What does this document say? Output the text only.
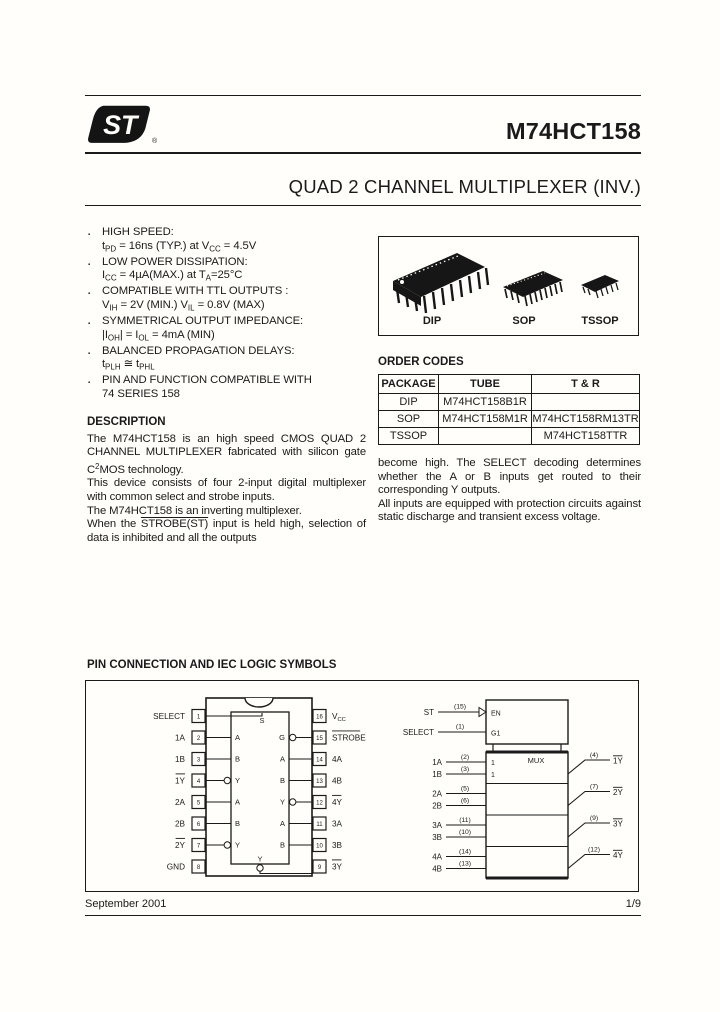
ST
®	M74HCT158
QUAD 2 CHANNEL MULTIPLEXER (INV.)
▪ HIGH SPEED:
$t_{PD} = 16ns$ (TYP.) at $V_{CC} = 4.5V$
▪ LOW POWER DISSIPATION:
$I_{CC} = 4\mu A(MAX.)$ at $T_A=25^\circ C$
▪ COMPATIBLE WITH TTL OUTPUTS :
$V_{IH} = 2V$ (MIN.) $V_{IL} = 0.8V$ (MAX)
▪ SYMMETRICAL OUTPUT IMPEDANCE:
$|I_{OH}| = I_{OL} = 4mA$ (MIN)
▪ BALANCED PROPAGATION DELAYS:
$t_{PLH}$ ≅ $t_{PHL}$
▪ PIN AND FUNCTION COMPATIBLE WITH
74 SERIES 158
DIP	SOP	TSSOP
ORDER CODES
PACKAGE	TUBE	T & R
DIP	M74HCT158B1R	
SOP	M74HCT158M1R	M74HCT158RM13TR
TSSOP		M74HCT158TTR
DESCRIPTION
The M74HCT158 is an high speed CMOS QUAD 2 CHANNEL MULTIPLEXER fabricated with silicon gate $C^2MOS$ technology.
This device consists of four 2-input digital multiplexer with common select and strobe inputs.
The M74HCT158 is an inverting multiplexer.
When the STROBE(ST) input is held high, selection of data is inhibited and all the outputs
become high. The SELECT decoding determines whether the A or B inputs get routed to their corresponding Y outputs.
All inputs are equipped with protection circuits against static discharge and transient excess voltage.
PIN CONNECTION AND IEC LOGIC SYMBOLS
1
SELECT
2
1A
3
1B
4
1Y
5
2A
6
2B
7
2Y
8
GND
16 $V_{CC}$
15 STROBE
14 4A
13 4B
12 4Y
11 3A
10 3B
9 3Y
S
A
B
Y
A
B
Y
G
A
B
Y
A
B
Y
(15)
ST	EN
(1)
SELECT	G1
MUX
1
1
(2)
1A
(3)
1B
(4)
1Y
(5)
2A
(6)
2B
(7)
2Y
(11)
3A
(10)
3B
(9)
3Y
(14)
4A
(13)
4B
(12)
4Y
September 2001	1/9
